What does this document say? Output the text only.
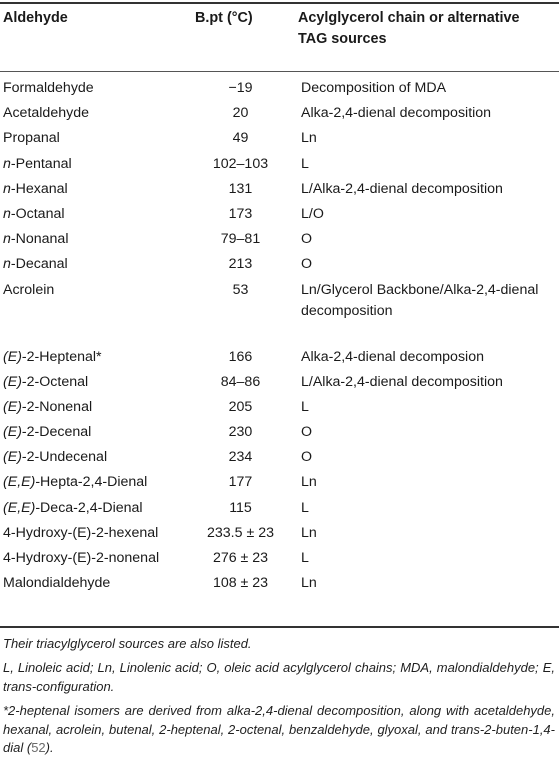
Aldehyde	B.pt (°C)	Acylglycerol chain or alternative TAG sources
Formaldehyde	−19	Decomposition of MDA
Acetaldehyde	20	Alka-2,4-dienal decomposition
Propanal	49	Ln
n-Pentanal	102–103	L
n-Hexanal	131	L/Alka-2,4-dienal decomposition
n-Octanal	173	L/O
n-Nonanal	79–81	O
n-Decanal	213	O
Acrolein	53	Ln/Glycerol Backbone/Alka-2,4-dienal decomposition
(E)-2-Heptenal*	166	Alka-2,4-dienal decomposion
(E)-2-Octenal	84–86	L/Alka-2,4-dienal decomposition
(E)-2-Nonenal	205	L
(E)-2-Decenal	230	O
(E)-2-Undecenal	234	O
(E,E)-Hepta-2,4-Dienal	177	Ln
(E,E)-Deca-2,4-Dienal	115	L
4-Hydroxy-(E)-2-hexenal	233.5 ± 23	Ln
4-Hydroxy-(E)-2-nonenal	276 ± 23	L
Malondialdehyde	108 ± 23	Ln

Their triacylglycerol sources are also listed.

L, Linoleic acid; Ln, Linolenic acid; O, oleic acid acylglycerol chains; MDA, malondialdehyde; E, trans-configuration.

*2-heptenal isomers are derived from alka-2,4-dienal decomposition, along with acetaldehyde, hexanal, acrolein, butenal, 2-heptenal, 2-octenal, benzaldehyde, glyoxal, and trans-2-buten-1,4-dial (52).
